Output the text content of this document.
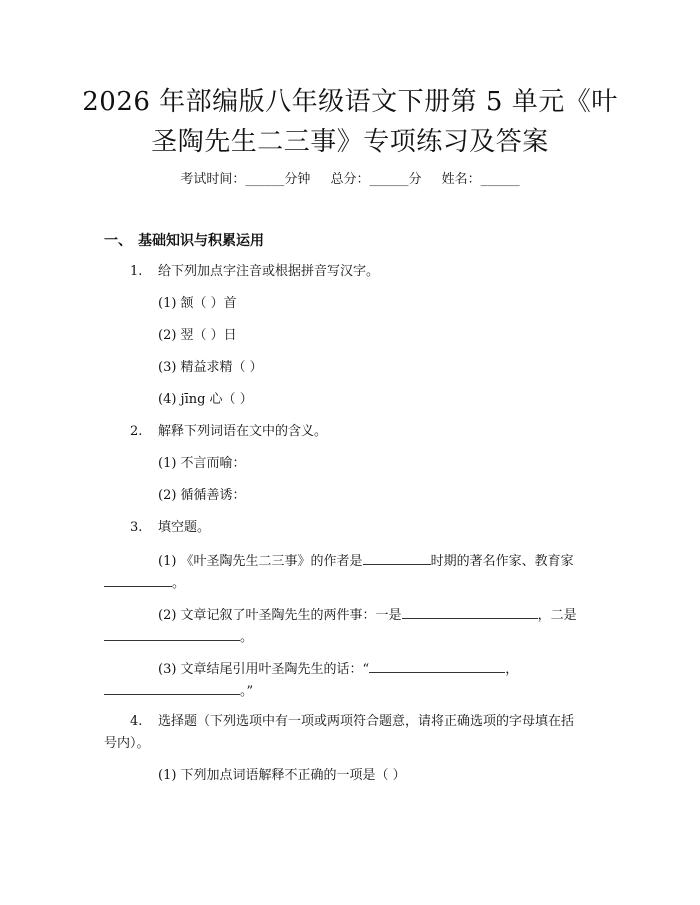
2026 年部编版八年级语文下册第 5 单元《叶
圣陶先生二三事》专项练习及答案
考试时间：______分钟 总分：______分 姓名：______
一、 基础知识与积累运用
1. 给下列加点字注音或根据拼音写汉字。
(1) 颔（ ）首
(2) 翌（ ）日
(3) 精益求精（ ）
(4) jīng 心（ ）
2. 解释下列词语在文中的含义。
(1) 不言而喻：
(2) 循循善诱：
3. 填空题。
(1) 《叶圣陶先生二三事》的作者是	时期的著名作家、教育家
。
(2) 文章记叙了叶圣陶先生的两件事：一是	，二是
。
(3) 文章结尾引用叶圣陶先生的话：“	，
。”
4. 选择题（下列选项中有一项或两项符合题意，请将正确选项的字母填在括
号内）。
(1) 下列加点词语解释不正确的一项是（ ）
